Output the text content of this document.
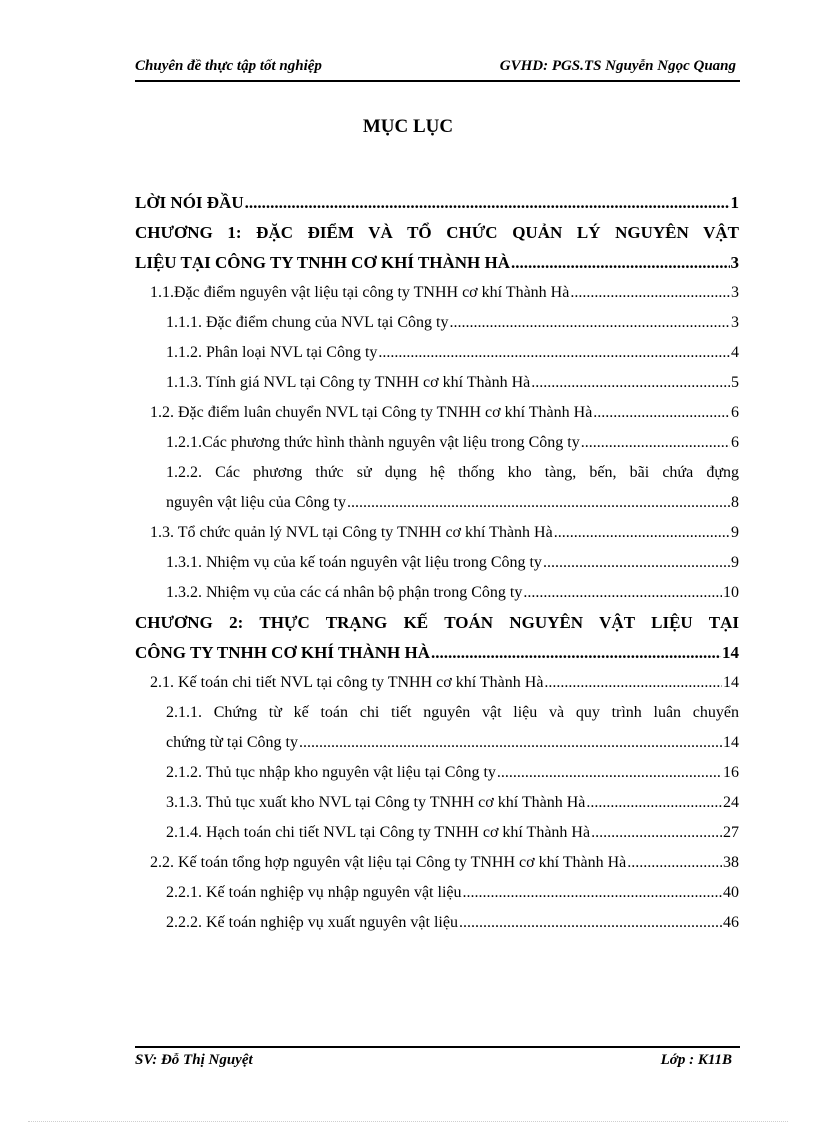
Chuyên đề thực tập tốt nghiệp	GVHD: PGS.TS Nguyễn Ngọc Quang
MỤC LỤC
LỜI NÓI ĐẦU .....	1
CHƯƠNG 1: ĐẶC ĐIỂM VÀ TỔ CHỨC QUẢN LÝ NGUYÊN VẬT
LIỆU TẠI CÔNG TY TNHH CƠ KHÍ THÀNH HÀ .....	3
1.1.Đặc điểm nguyên vật liệu tại công ty TNHH cơ khí Thành Hà .....	3
1.1.1. Đặc điểm chung của NVL tại Công ty .....	3
1.1.2. Phân loại NVL tại Công ty .....	4
1.1.3. Tính giá NVL tại Công ty TNHH cơ khí Thành Hà .....	5
1.2. Đặc điểm luân chuyển NVL tại Công ty TNHH cơ khí Thành Hà .....	6
1.2.1.Các phương thức hình thành nguyên vật liệu trong Công ty .....	6
1.2.2. Các phương thức sử dụng hệ thống kho tàng, bến, bãi chứa đựng
nguyên vật liệu của Công ty .....	8
1.3. Tổ chức quản lý NVL tại Công ty TNHH cơ khí Thành Hà .....	9
1.3.1. Nhiệm vụ của kế toán nguyên vật liệu trong Công ty .....	9
1.3.2. Nhiệm vụ của các cá nhân bộ phận trong Công ty .....	10
CHƯƠNG 2: THỰC TRẠNG KẾ TOÁN NGUYÊN VẬT LIỆU TẠI
CÔNG TY TNHH CƠ KHÍ THÀNH HÀ .....	14
2.1. Kế toán chi tiết NVL tại công ty TNHH cơ khí Thành Hà .....	14
2.1.1. Chứng từ kế toán chi tiết nguyên vật liệu và quy trình luân chuyển
chứng từ tại Công ty .....	14
2.1.2. Thủ tục nhập kho nguyên vật liệu tại Công ty .....	16
3.1.3. Thủ tục xuất kho NVL tại Công ty TNHH cơ khí Thành Hà .....	24
2.1.4. Hạch toán chi tiết NVL tại Công ty TNHH cơ khí Thành Hà .....	27
2.2. Kế toán tổng hợp nguyên vật liệu tại Công ty TNHH cơ khí Thành Hà .....	38
2.2.1. Kế toán nghiệp vụ nhập nguyên vật liệu .....	40
2.2.2. Kế toán nghiệp vụ xuất nguyên vật liệu .....	46
SV: Đỗ Thị Nguyệt	Lớp : K11B
